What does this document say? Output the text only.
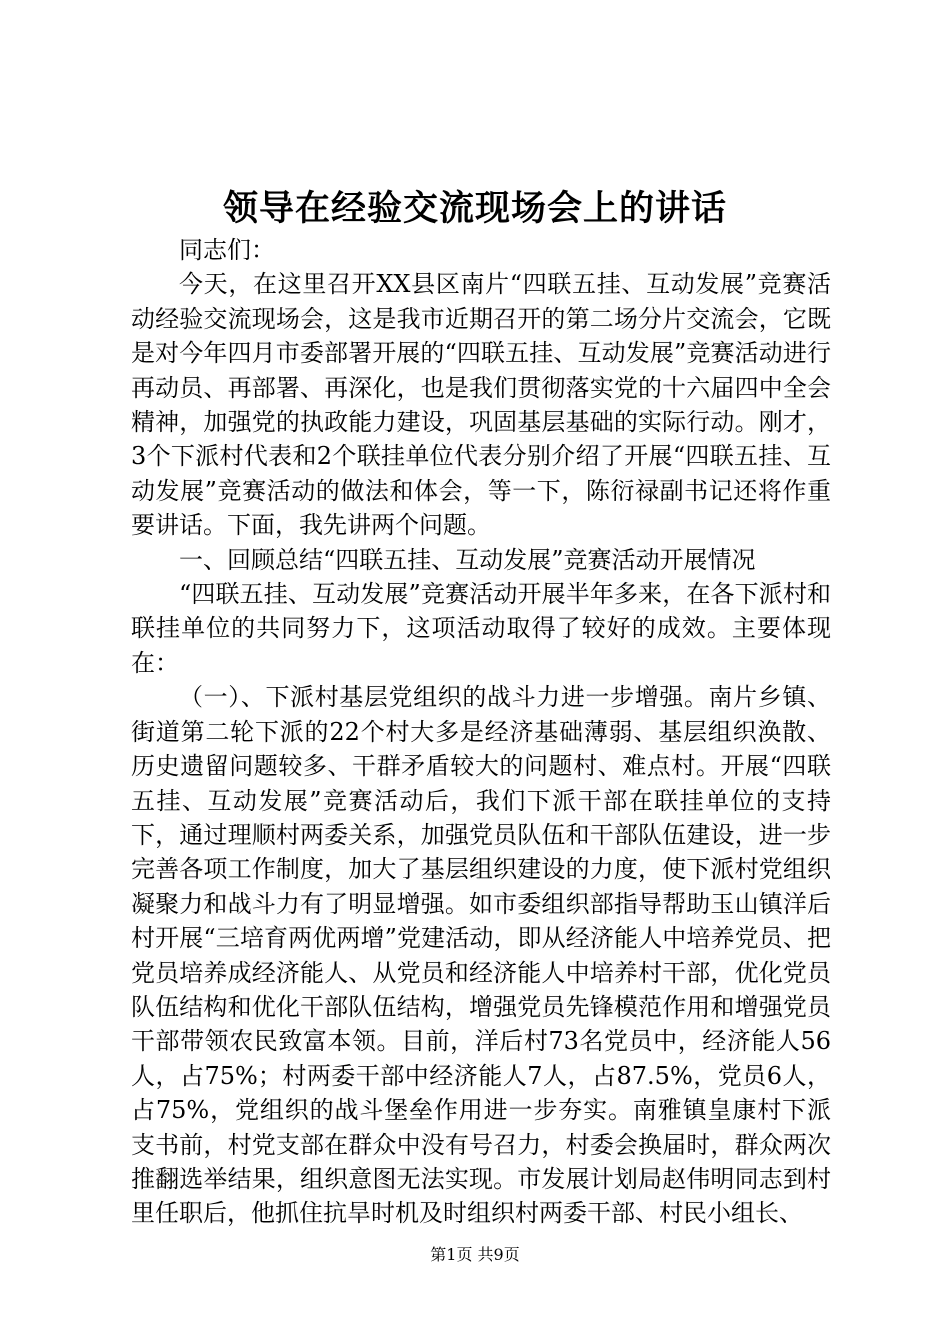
领导在经验交流现场会上的讲话

同志们：

今天，在这里召开XX县区南片“四联五挂、互动发展”竞赛活动经验交流现场会，这是我市近期召开的第二场分片交流会，它既是对今年四月市委部署开展的“四联五挂、互动发展”竞赛活动进行再动员、再部署、再深化，也是我们贯彻落实党的十六届四中全会精神，加强党的执政能力建设，巩固基层基础的实际行动。刚才，3个下派村代表和2个联挂单位代表分别介绍了开展“四联五挂、互动发展”竞赛活动的做法和体会，等一下，陈衍禄副书记还将作重要讲话。下面，我先讲两个问题。

一、回顾总结“四联五挂、互动发展”竞赛活动开展情况

“四联五挂、互动发展”竞赛活动开展半年多来，在各下派村和联挂单位的共同努力下，这项活动取得了较好的成效。主要体现在：

（一）、下派村基层党组织的战斗力进一步增强。南片乡镇、街道第二轮下派的22个村大多是经济基础薄弱、基层组织涣散、历史遗留问题较多、干群矛盾较大的问题村、难点村。开展“四联五挂、互动发展”竞赛活动后，我们下派干部在联挂单位的支持下，通过理顺村两委关系，加强党员队伍和干部队伍建设，进一步完善各项工作制度，加大了基层组织建设的力度，使下派村党组织凝聚力和战斗力有了明显增强。如市委组织部指导帮助玉山镇洋后村开展“三培育两优两增”党建活动，即从经济能人中培养党员、把党员培养成经济能人、从党员和经济能人中培养村干部，优化党员队伍结构和优化干部队伍结构，增强党员先锋模范作用和增强党员干部带领农民致富本领。目前，洋后村73名党员中，经济能人56人，占75%；村两委干部中经济能人7人，占87.5%，党员6人，占75%，党组织的战斗堡垒作用进一步夯实。南雅镇皇康村下派支书前，村党支部在群众中没有号召力，村委会换届时，群众两次推翻选举结果，组织意图无法实现。市发展计划局赵伟明同志到村里任职后，他抓住抗旱时机及时组织村两委干部、村民小组长、

第1页 共9页
